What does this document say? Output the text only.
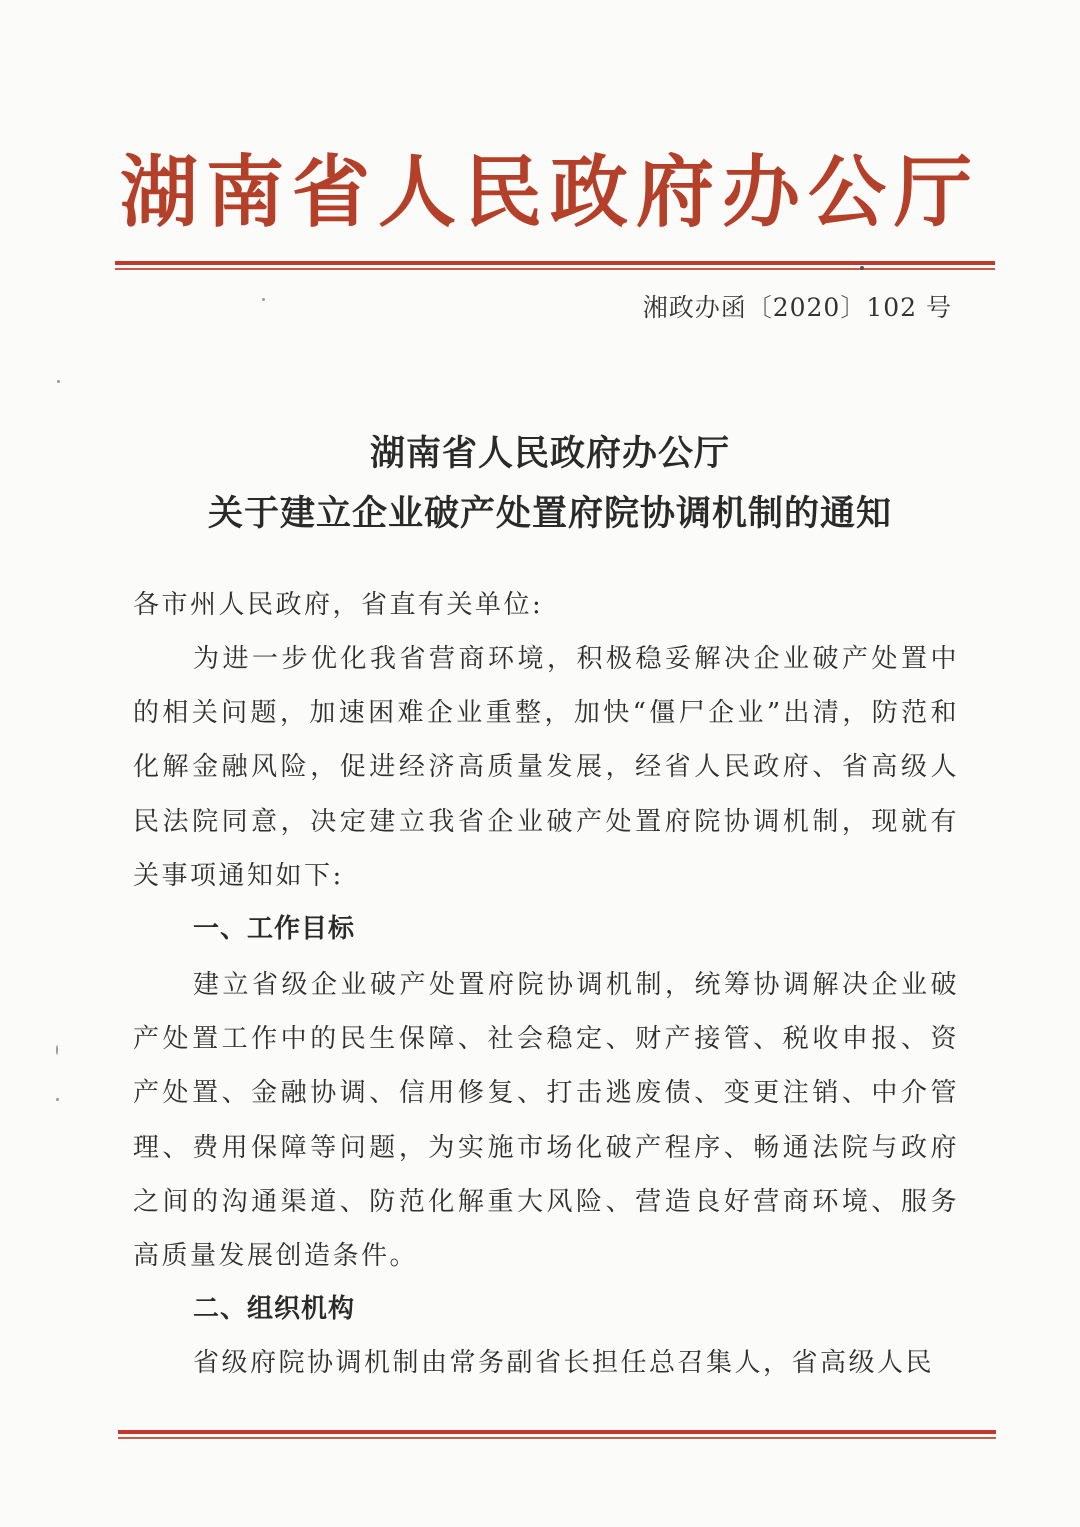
湖南省人民政府办公厅
湘政办函〔2020〕102 号
湖南省人民政府办公厅
关于建立企业破产处置府院协调机制的通知
各市州人民政府，省直有关单位:
为进一步优化我省营商环境，积极稳妥解决企业破产处置中的相关问题，加速困难企业重整，加快“僵尸企业”出清，防范和化解金融风险，促进经济高质量发展，经省人民政府、省高级人民法院同意，决定建立我省企业破产处置府院协调机制，现就有关事项通知如下:
一、工作目标
建立省级企业破产处置府院协调机制，统筹协调解决企业破产处置工作中的民生保障、社会稳定、财产接管、税收申报、资产处置、金融协调、信用修复、打击逃废债、变更注销、中介管理、费用保障等问题，为实施市场化破产程序、畅通法院与政府之间的沟通渠道、防范化解重大风险、营造良好营商环境、服务高质量发展创造条件。
二、组织机构
省级府院协调机制由常务副省长担任总召集人，省高级人民
